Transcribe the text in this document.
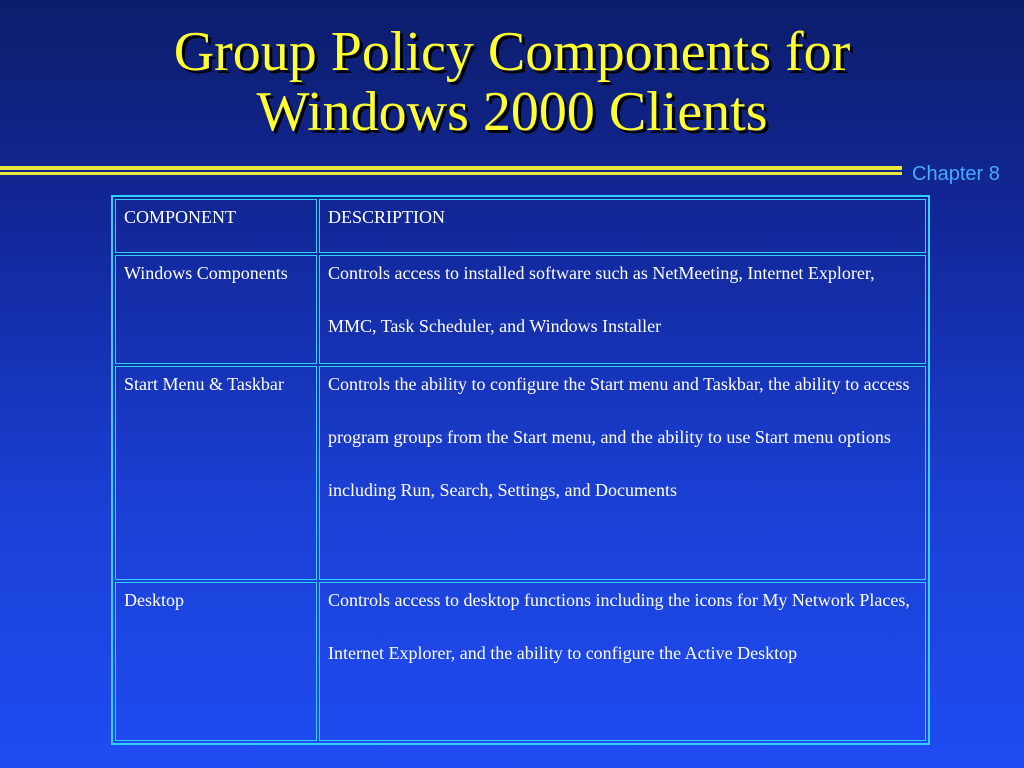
Group Policy Components for
Windows 2000 Clients
Chapter 8
COMPONENT	DESCRIPTION

Windows Components	Controls access to installed software such as NetMeeting, Internet Explorer, MMC, Task Scheduler, and Windows Installer

Start Menu & Taskbar	Controls the ability to configure the Start menu and Taskbar, the ability to access program groups from the Start menu, and the ability to use Start menu options including Run, Search, Settings, and Documents

Desktop	Controls access to desktop functions including the icons for My Network Places, Internet Explorer, and the ability to configure the Active Desktop
